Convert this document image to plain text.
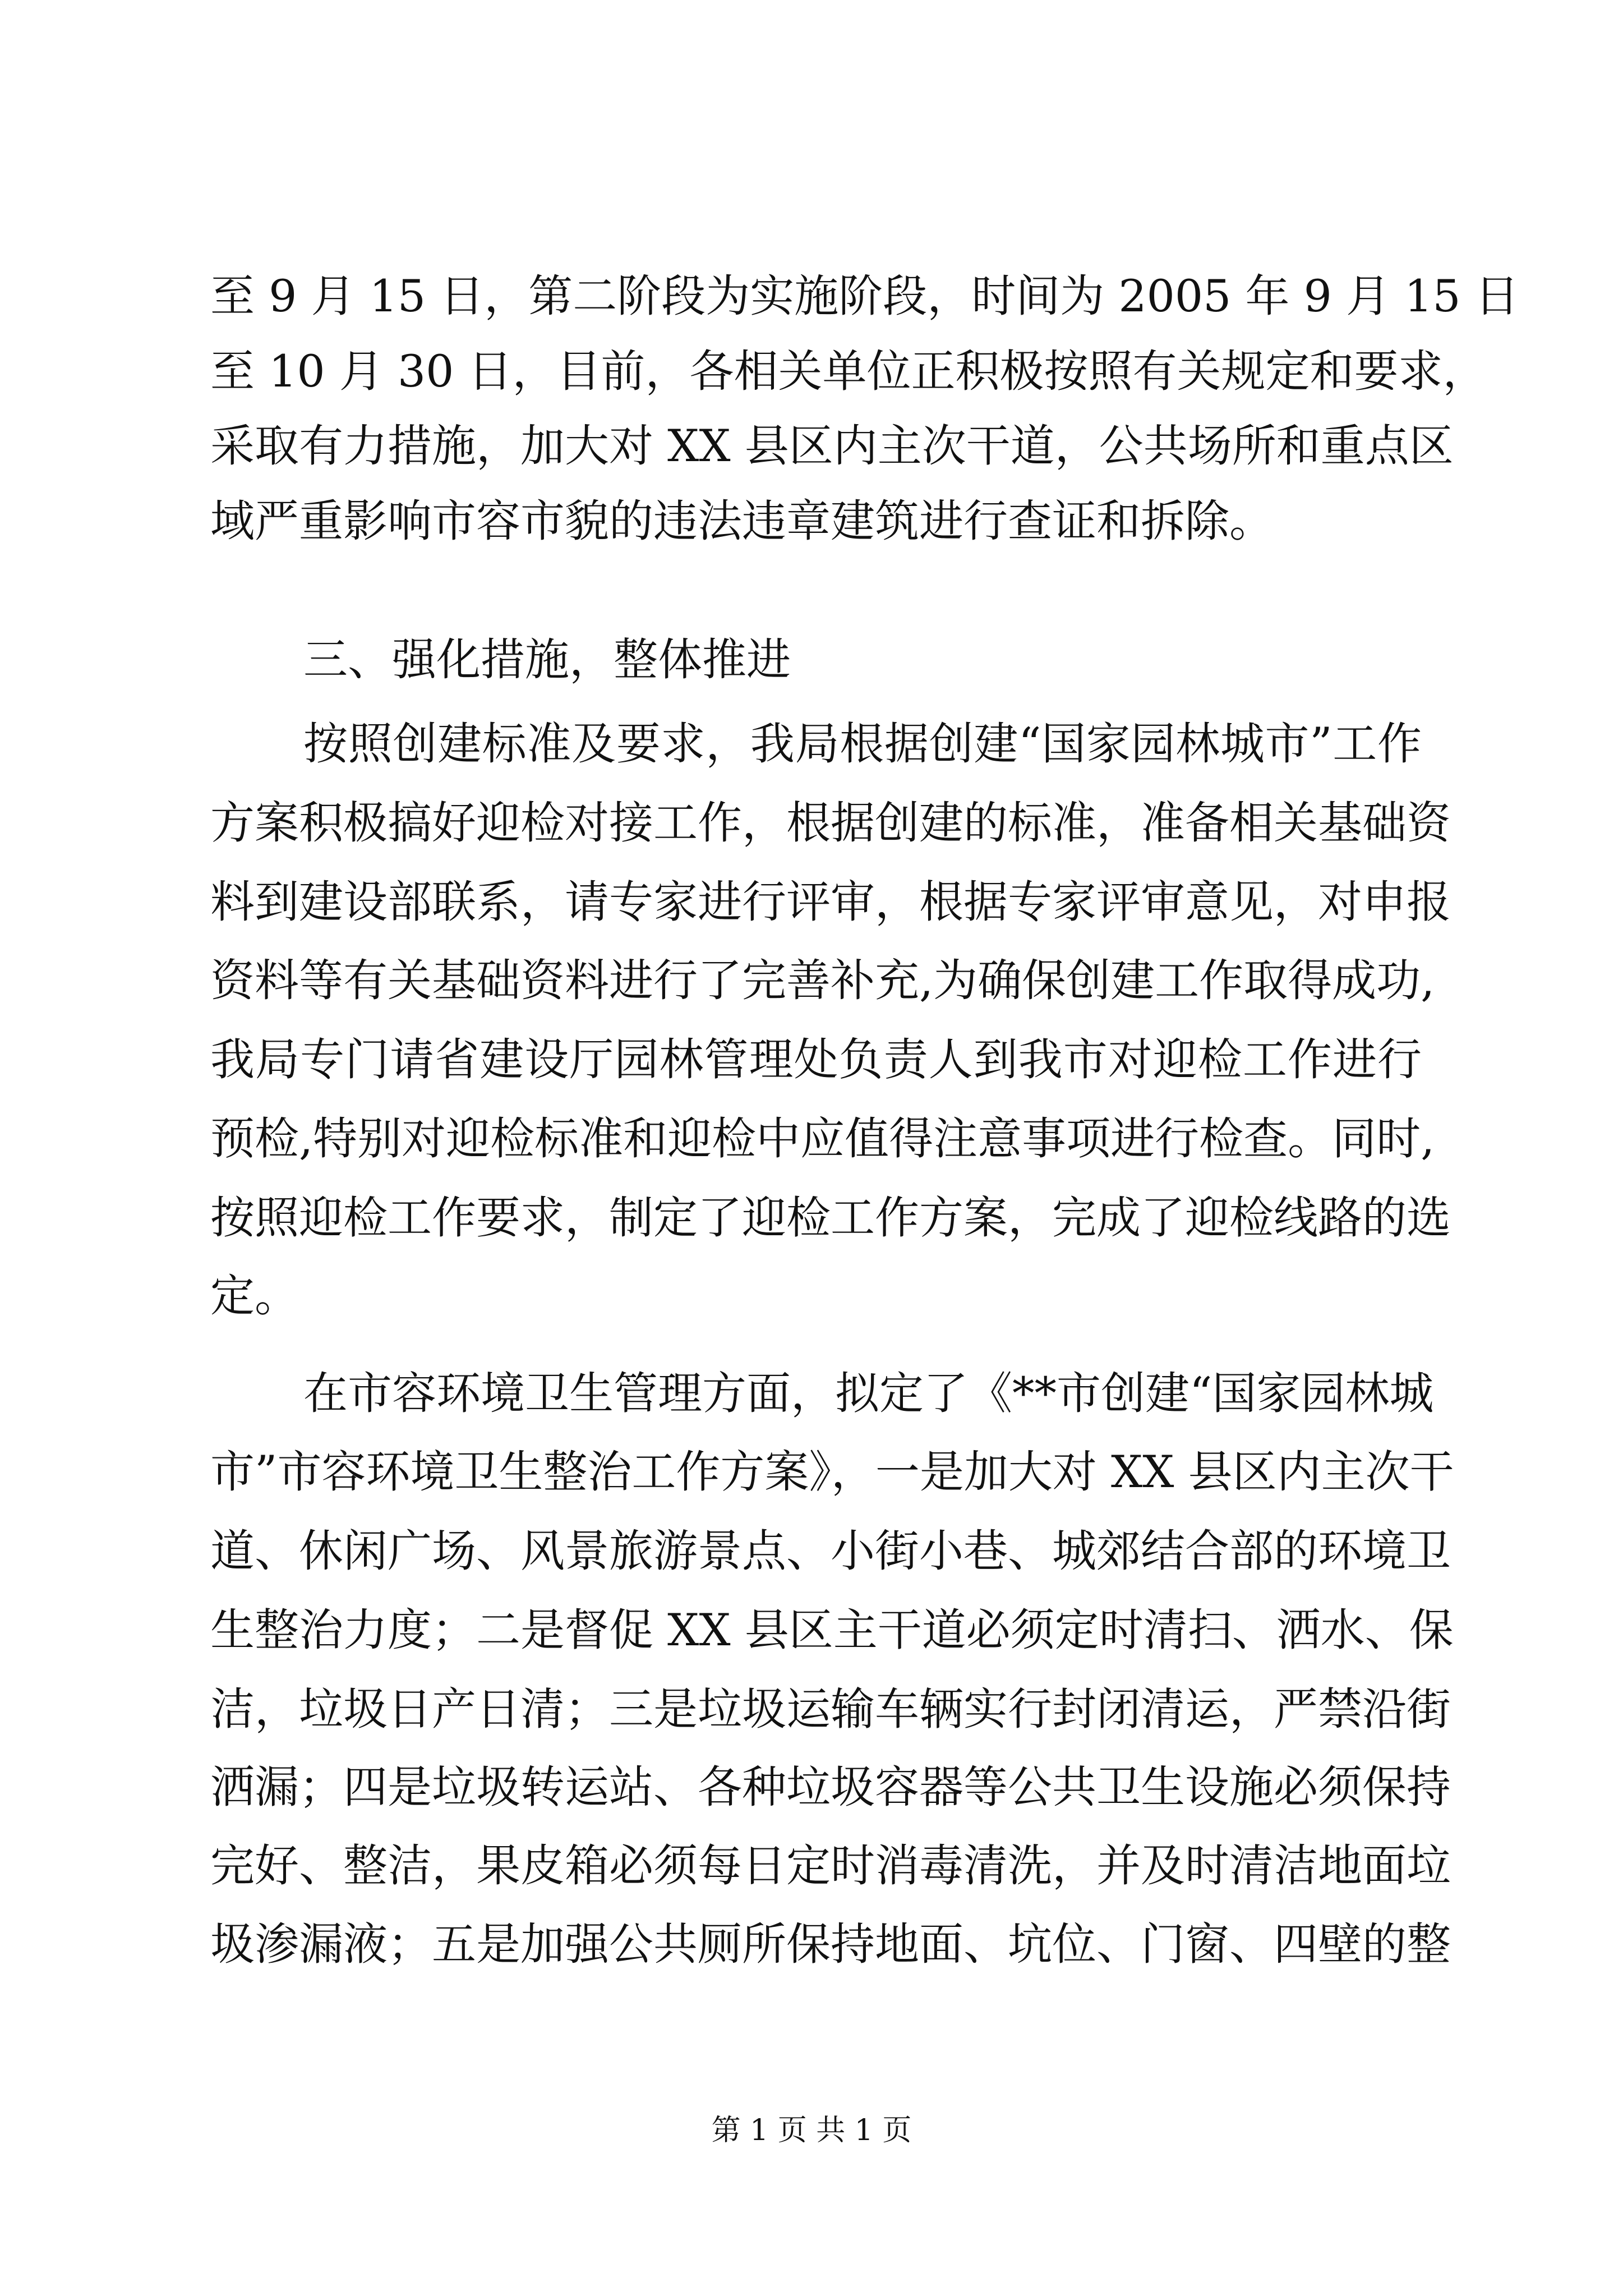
至 9 月 15 日，第二阶段为实施阶段，时间为 2005 年 9 月 15 日

至 10 月 30 日，目前，各相关单位正积极按照有关规定和要求，

采取有力措施，加大对 XX 县区内主次干道，公共场所和重点区

域严重影响市容市貌的违法违章建筑进行查证和拆除。

三、强化措施，整体推进

按照创建标准及要求，我局根据创建“国家园林城市”工作

方案积极搞好迎检对接工作，根据创建的标准，准备相关基础资

料到建设部联系，请专家进行评审，根据专家评审意见，对申报

资料等有关基础资料进行了完善补充,为确保创建工作取得成功,

我局专门请省建设厅园林管理处负责人到我市对迎检工作进行

预检,特别对迎检标准和迎检中应值得注意事项进行检查。同时,

按照迎检工作要求，制定了迎检工作方案，完成了迎检线路的选

定。

在市容环境卫生管理方面，拟定了《**市创建“国家园林城

市”市容环境卫生整治工作方案》，一是加大对 XX 县区内主次干

道、休闲广场、风景旅游景点、小街小巷、城郊结合部的环境卫

生整治力度；二是督促 XX 县区主干道必须定时清扫、洒水、保

洁，垃圾日产日清；三是垃圾运输车辆实行封闭清运，严禁沿街

洒漏；四是垃圾转运站、各种垃圾容器等公共卫生设施必须保持

完好、整洁，果皮箱必须每日定时消毒清洗，并及时清洁地面垃

圾渗漏液；五是加强公共厕所保持地面、坑位、门窗、四壁的整

第 1 页 共 1 页
